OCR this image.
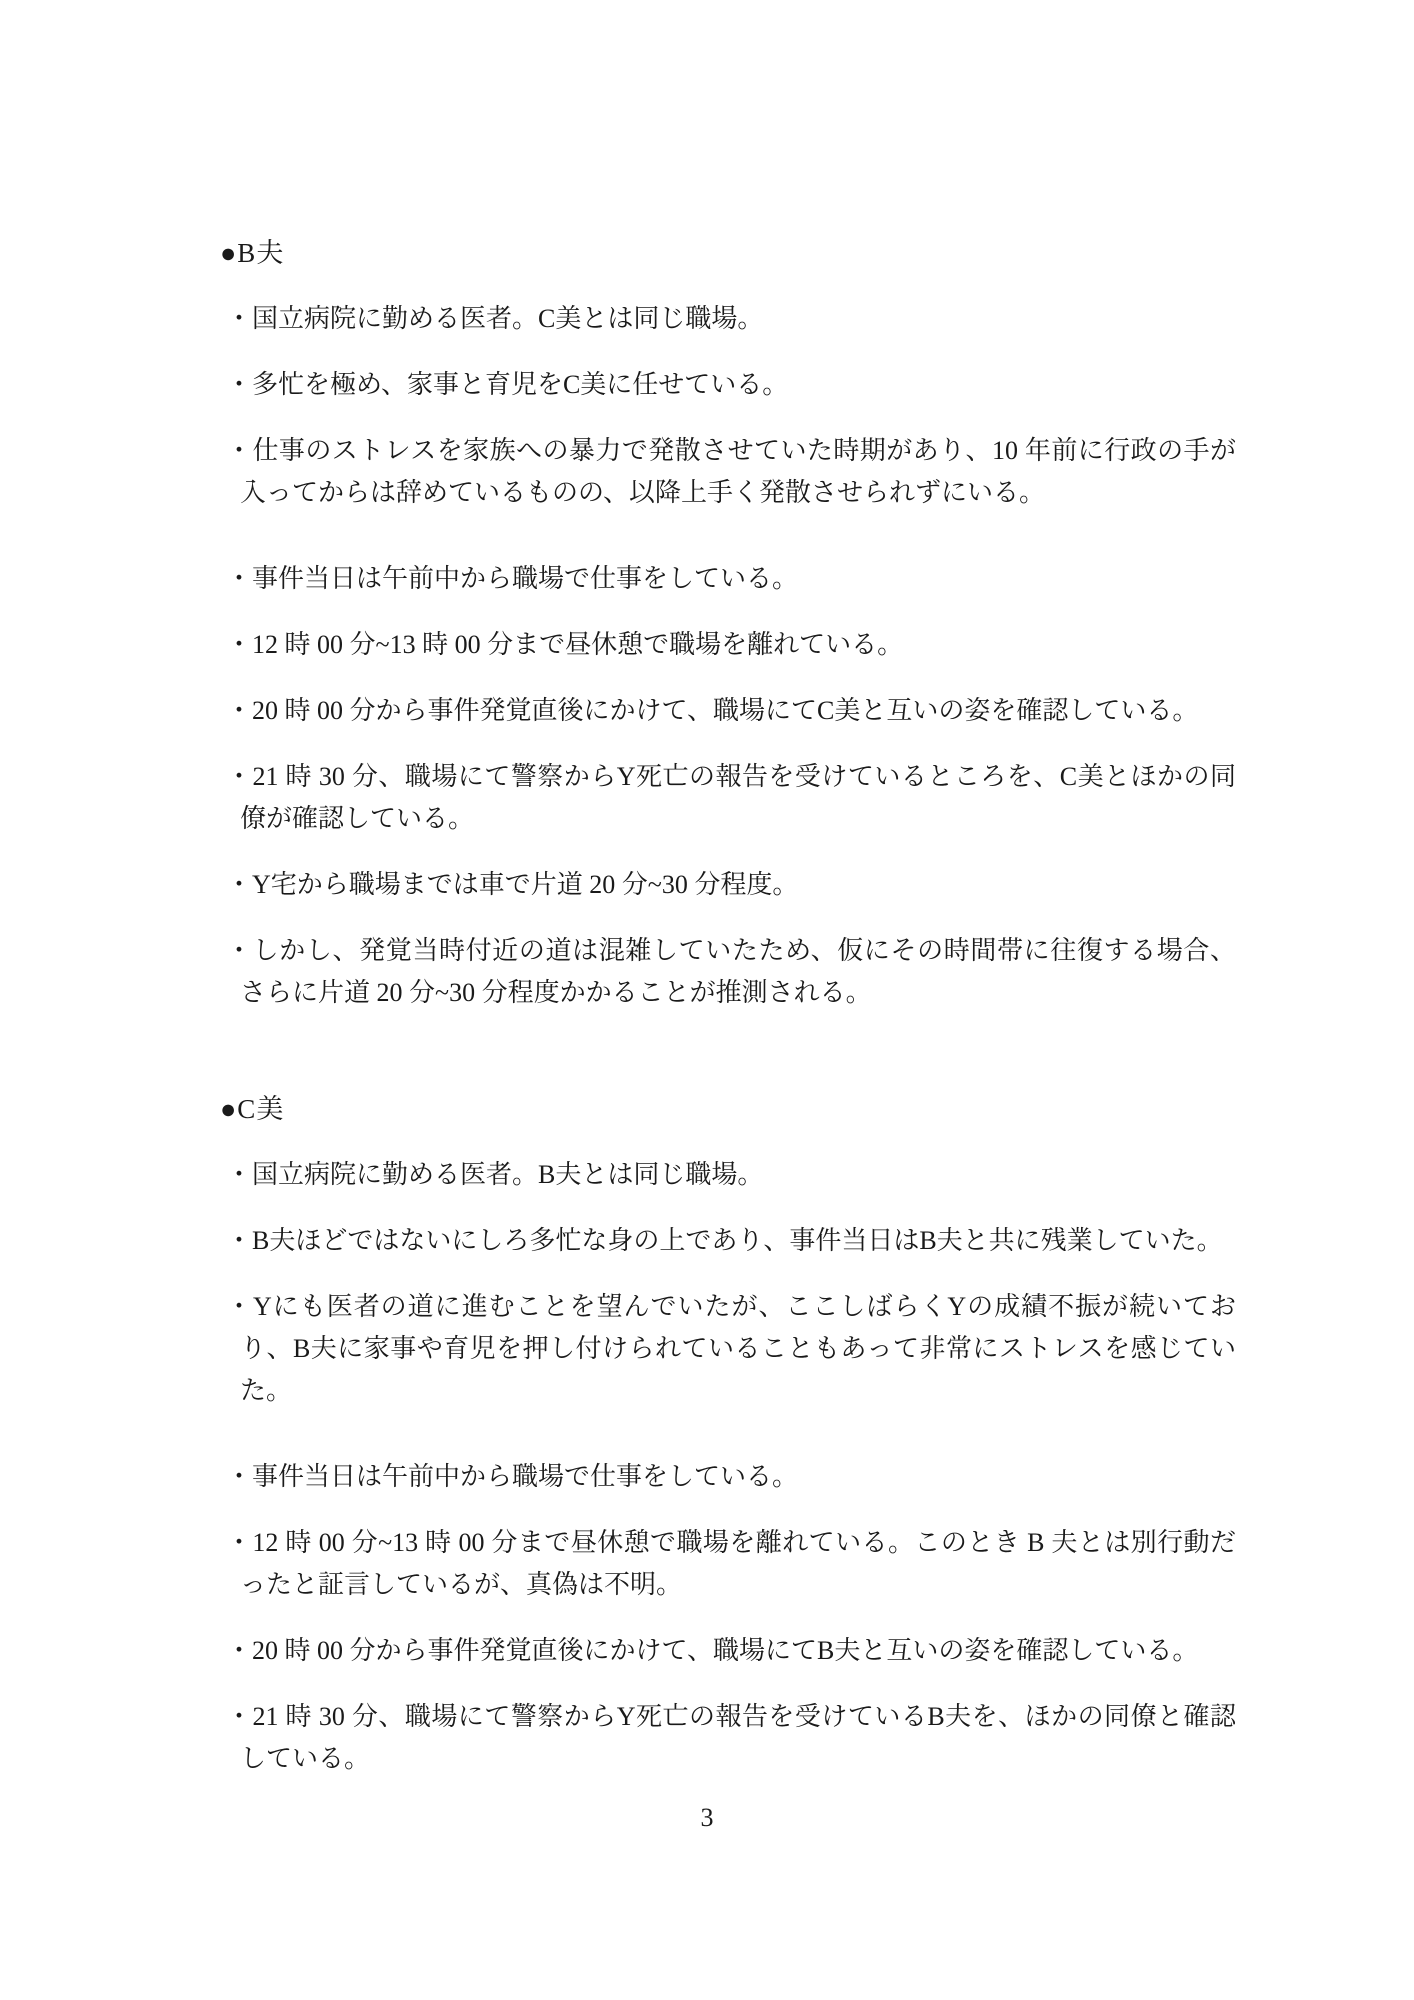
●B夫

・国立病院に勤める医者。C美とは同じ職場。

・多忙を極め、家事と育児をC美に任せている。

・仕事のストレスを家族への暴力で発散させていた時期があり、10 年前に行政の手が入ってからは辞めているものの、以降上手く発散させられずにいる。

・事件当日は午前中から職場で仕事をしている。

・12 時 00 分~13 時 00 分まで昼休憩で職場を離れている。

・20 時 00 分から事件発覚直後にかけて、職場にてC美と互いの姿を確認している。

・21 時 30 分、職場にて警察からY死亡の報告を受けているところを、C美とほかの同僚が確認している。

・Y宅から職場までは車で片道 20 分~30 分程度。

・しかし、発覚当時付近の道は混雑していたため、仮にその時間帯に往復する場合、さらに片道 20 分~30 分程度かかることが推測される。

●C美

・国立病院に勤める医者。B夫とは同じ職場。

・B夫ほどではないにしろ多忙な身の上であり、事件当日はB夫と共に残業していた。

・Yにも医者の道に進むことを望んでいたが、ここしばらくYの成績不振が続いており、B夫に家事や育児を押し付けられていることもあって非常にストレスを感じていた。

・事件当日は午前中から職場で仕事をしている。

・12 時 00 分~13 時 00 分まで昼休憩で職場を離れている。このとき B 夫とは別行動だったと証言しているが、真偽は不明。

・20 時 00 分から事件発覚直後にかけて、職場にてB夫と互いの姿を確認している。

・21 時 30 分、職場にて警察からY死亡の報告を受けているB夫を、ほかの同僚と確認している。

3
